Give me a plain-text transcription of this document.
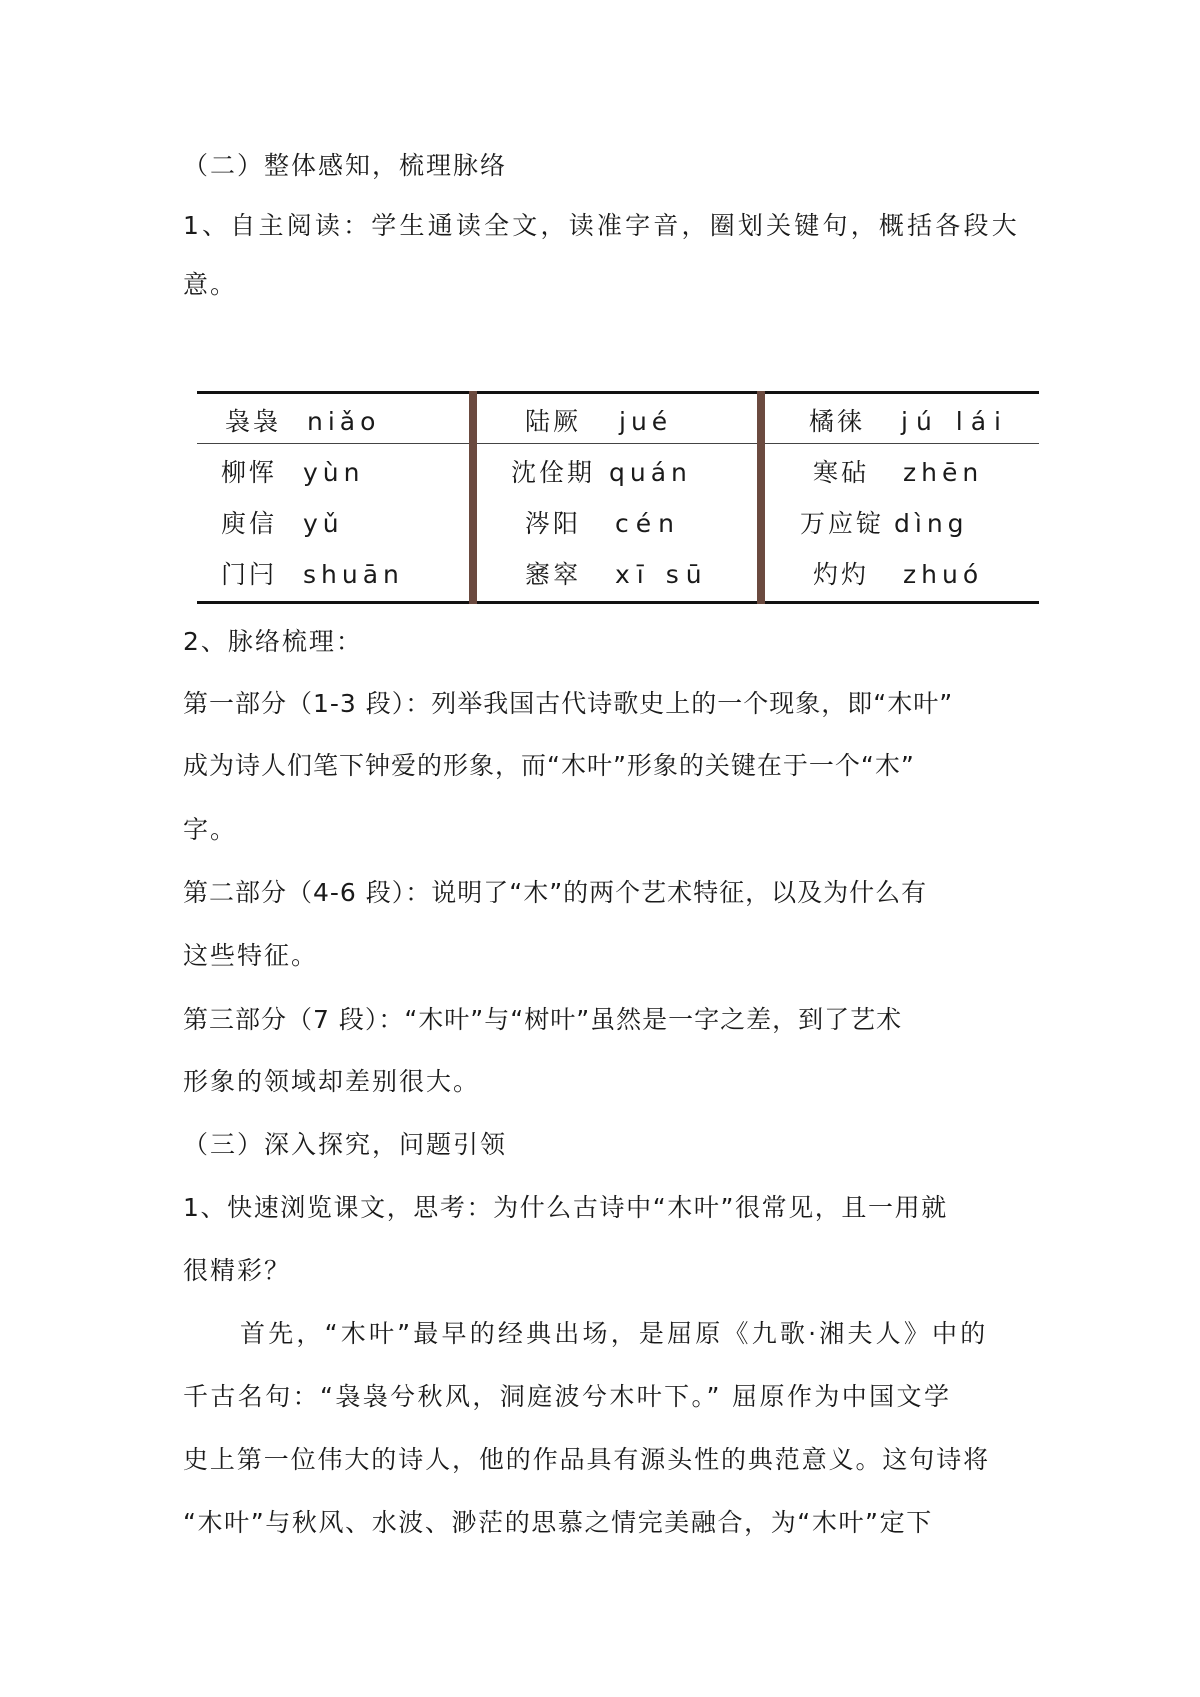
（二）整体感知，梳理脉络
1、自主阅读：学生通读全文，读准字音，圈划关键句，概括各段大
意。
袅袅 niǎo	陆厥 jué	橘徕 jú lái
柳恽 yùn	沈佺期 quán	寒砧 zhēn
庾信 yǔ	涔阳 cén	万应锭 dìng
门闩 shuān	窸窣 xī sū	灼灼 zhuó
2、脉络梳理：
第一部分（1-3 段）：列举我国古代诗歌史上的一个现象，即“木叶”
成为诗人们笔下钟爱的形象，而“木叶”形象的关键在于一个“木”
字。
第二部分（4-6 段）：说明了“木”的两个艺术特征，以及为什么有
这些特征。
第三部分（7 段）：“木叶”与“树叶”虽然是一字之差，到了艺术
形象的领域却差别很大。
（三）深入探究，问题引领
1、快速浏览课文，思考：为什么古诗中“木叶”很常见，且一用就
很精彩？
首先，“木叶”最早的经典出场，是屈原《九歌·湘夫人》中的
千古名句：“袅袅兮秋风，洞庭波兮木叶下。” 屈原作为中国文学
史上第一位伟大的诗人，他的作品具有源头性的典范意义。这句诗将
“木叶”与秋风、水波、渺茫的思慕之情完美融合，为“木叶”定下
